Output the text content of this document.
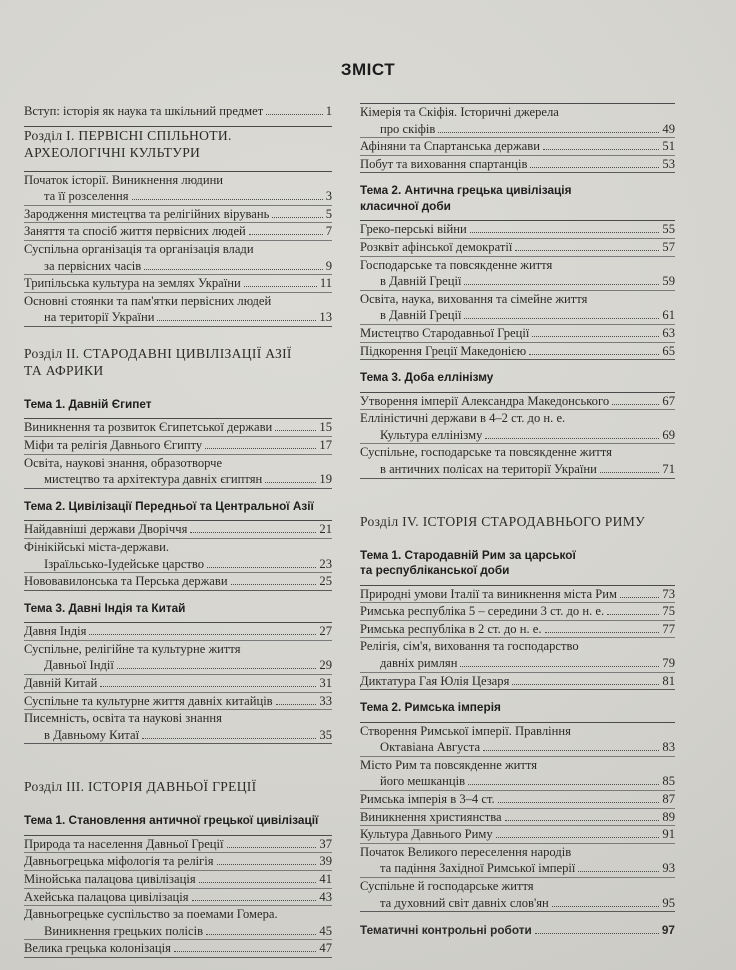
ЗМІСТ
Вступ: історія як наука та шкільний предмет	1
Розділ І. ПЕРВІСНІ СПІЛЬНОТИ.
АРХЕОЛОГІЧНІ КУЛЬТУРИ
Початок історії. Виникнення людини
та її розселення	3
Зародження мистецтва та релігійних вірувань	5
Заняття та спосіб життя первісних людей	7
Суспільна організація та організація влади
за первісних часів	9
Трипільська культура на землях України	11
Основні стоянки та пам'ятки первісних людей
на території України	13
Розділ II. СТАРОДАВНІ ЦИВІЛІЗАЦІЇ АЗІЇ
ТА АФРИКИ
Тема 1. Давній Єгипет
Виникнення та розвиток Єгипетської держави	15
Міфи та релігія Давнього Єгипту	17
Освіта, наукові знання, образотворче
мистецтво та архітектура давніх єгиптян	19
Тема 2. Цивілізації Передньої та Центральної Азії
Найдавніші держави Дворіччя	21
Фінікійські міста-держави.
Ізраїльсько-Іудейське царство	23
Нововавилонська та Перська держави	25
Тема 3. Давні Індія та Китай
Давня Індія	27
Суспільне, релігійне та культурне життя
Давньої Індії	29
Давній Китай	31
Суспільне та культурне життя давніх китайців	33
Писемність, освіта та наукові знання
в Давньому Китаї	35
Розділ III. ІСТОРІЯ ДАВНЬОЇ ГРЕЦІЇ
Тема 1. Становлення античної грецької цивілізації
Природа та населення Давньої Греції	37
Давньогрецька міфологія та релігія	39
Мінойська палацова цивілізація	41
Ахейська палацова цивілізація	43
Давньогрецьке суспільство за поемами Гомера.
Виникнення грецьких полісів	45
Велика грецька колонізація	47
Кімерія та Скіфія. Історичні джерела
про скіфів	49
Афіняни та Спартанська держави	51
Побут та виховання спартанців	53
Тема 2. Антична грецька цивілізація
класичної доби
Греко-перські війни	55
Розквіт афінської демократії	57
Господарське та повсякденне життя
в Давній Греції	59
Освіта, наука, виховання та сімейне життя
в Давній Греції	61
Мистецтво Стародавньої Греції	63
Підкорення Греції Македонією	65
Тема 3. Доба еллінізму
Утворення імперії Александра Македонського	67
Еллiністичні держави в 4–2 ст. до н. е.
Культура еллінізму	69
Суспільне, господарське та повсякденне життя
в античних полісах на території України	71
Розділ IV. ІСТОРІЯ СТАРОДАВНЬОГО РИМУ
Тема 1. Стародавній Рим за царської
та республіканської доби
Природні умови Італії та виникнення міста Рим	73
Римська республіка 5 – середини 3 ст. до н. е.	75
Римська республіка в 2 ст. до н. е.	77
Релігія, сім'я, виховання та господарство
давніх римлян	79
Диктатура Гая Юлія Цезаря	81
Тема 2. Римська імперія
Створення Римської імперії. Правління
Октавіана Августа	83
Місто Рим та повсякденне життя
його мешканців	85
Римська імперія в 3–4 ст.	87
Виникнення християнства	89
Культура Давнього Риму	91
Початок Великого переселення народів
та падіння Західної Римської імперії	93
Суспільне й господарське життя
та духовний світ давніх слов'ян	95
Тематичні контрольні роботи	97
